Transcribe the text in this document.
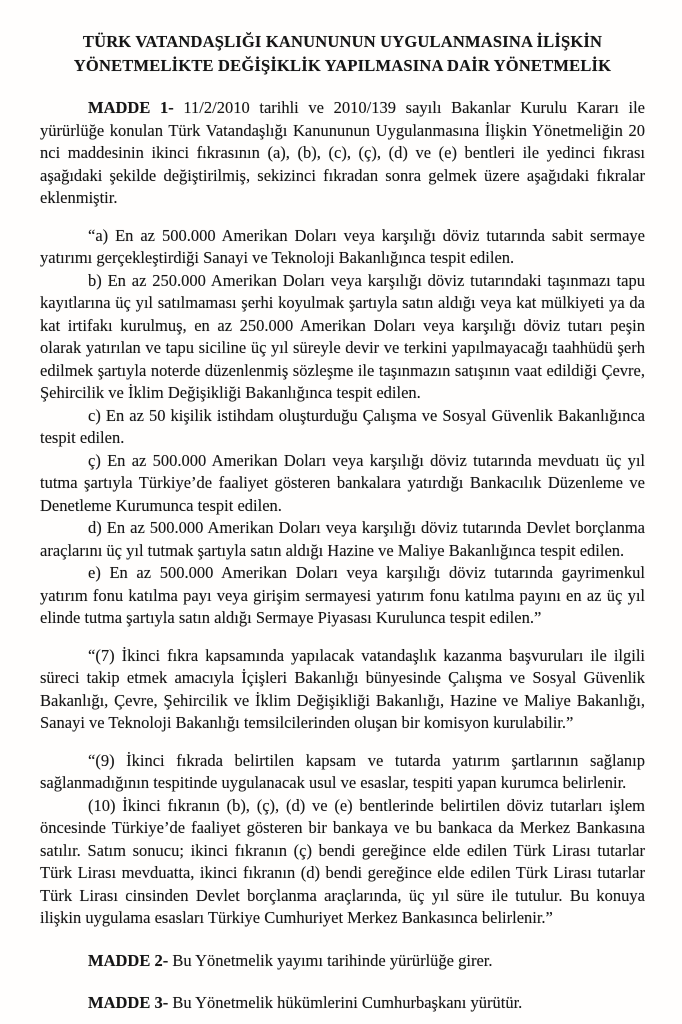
TÜRK VATANDAŞLIĞI KANUNUNUN UYGULANMASINA İLİŞKİN
YÖNETMELİKTE DEĞİŞİKLİK YAPILMASINA DAİR YÖNETMELİK

MADDE 1- 11/2/2010 tarihli ve 2010/139 sayılı Bakanlar Kurulu Kararı ile yürürlüğe konulan Türk Vatandaşlığı Kanununun Uygulanmasına İlişkin Yönetmeliğin 20 nci maddesinin ikinci fıkrasının (a), (b), (c), (ç), (d) ve (e) bentleri ile yedinci fıkrası aşağıdaki şekilde değiştirilmiş, sekizinci fıkradan sonra gelmek üzere aşağıdaki fıkralar eklenmiştir.

“a) En az 500.000 Amerikan Doları veya karşılığı döviz tutarında sabit sermaye yatırımı gerçekleştirdiği Sanayi ve Teknoloji Bakanlığınca tespit edilen.

b) En az 250.000 Amerikan Doları veya karşılığı döviz tutarındaki taşınmazı tapu kayıtlarına üç yıl satılmaması şerhi koyulmak şartıyla satın aldığı veya kat mülkiyeti ya da kat irtifakı kurulmuş, en az 250.000 Amerikan Doları veya karşılığı döviz tutarı peşin olarak yatırılan ve tapu siciline üç yıl süreyle devir ve terkini yapılmayacağı taahhüdü şerh edilmek şartıyla noterde düzenlenmiş sözleşme ile taşınmazın satışının vaat edildiği Çevre, Şehircilik ve İklim Değişikliği Bakanlığınca tespit edilen.

c) En az 50 kişilik istihdam oluşturduğu Çalışma ve Sosyal Güvenlik Bakanlığınca tespit edilen.

ç) En az 500.000 Amerikan Doları veya karşılığı döviz tutarında mevduatı üç yıl tutma şartıyla Türkiye’de faaliyet gösteren bankalara yatırdığı Bankacılık Düzenleme ve Denetleme Kurumunca tespit edilen.

d) En az 500.000 Amerikan Doları veya karşılığı döviz tutarında Devlet borçlanma araçlarını üç yıl tutmak şartıyla satın aldığı Hazine ve Maliye Bakanlığınca tespit edilen.

e) En az 500.000 Amerikan Doları veya karşılığı döviz tutarında gayrimenkul yatırım fonu katılma payı veya girişim sermayesi yatırım fonu katılma payını en az üç yıl elinde tutma şartıyla satın aldığı Sermaye Piyasası Kurulunca tespit edilen.”

“(7) İkinci fıkra kapsamında yapılacak vatandaşlık kazanma başvuruları ile ilgili süreci takip etmek amacıyla İçişleri Bakanlığı bünyesinde Çalışma ve Sosyal Güvenlik Bakanlığı, Çevre, Şehircilik ve İklim Değişikliği Bakanlığı, Hazine ve Maliye Bakanlığı, Sanayi ve Teknoloji Bakanlığı temsilcilerinden oluşan bir komisyon kurulabilir.”

“(9) İkinci fıkrada belirtilen kapsam ve tutarda yatırım şartlarının sağlanıp sağlanmadığının tespitinde uygulanacak usul ve esaslar, tespiti yapan kurumca belirlenir.

(10) İkinci fıkranın (b), (ç), (d) ve (e) bentlerinde belirtilen döviz tutarları işlem öncesinde Türkiye’de faaliyet gösteren bir bankaya ve bu bankaca da Merkez Bankasına satılır. Satım sonucu; ikinci fıkranın (ç) bendi gereğince elde edilen Türk Lirası tutarlar Türk Lirası mevduatta, ikinci fıkranın (d) bendi gereğince elde edilen Türk Lirası tutarlar Türk Lirası cinsinden Devlet borçlanma araçlarında, üç yıl süre ile tutulur. Bu konuya ilişkin uygulama esasları Türkiye Cumhuriyet Merkez Bankasınca belirlenir.”

MADDE 2- Bu Yönetmelik yayımı tarihinde yürürlüğe girer.

MADDE 3- Bu Yönetmelik hükümlerini Cumhurbaşkanı yürütür.
